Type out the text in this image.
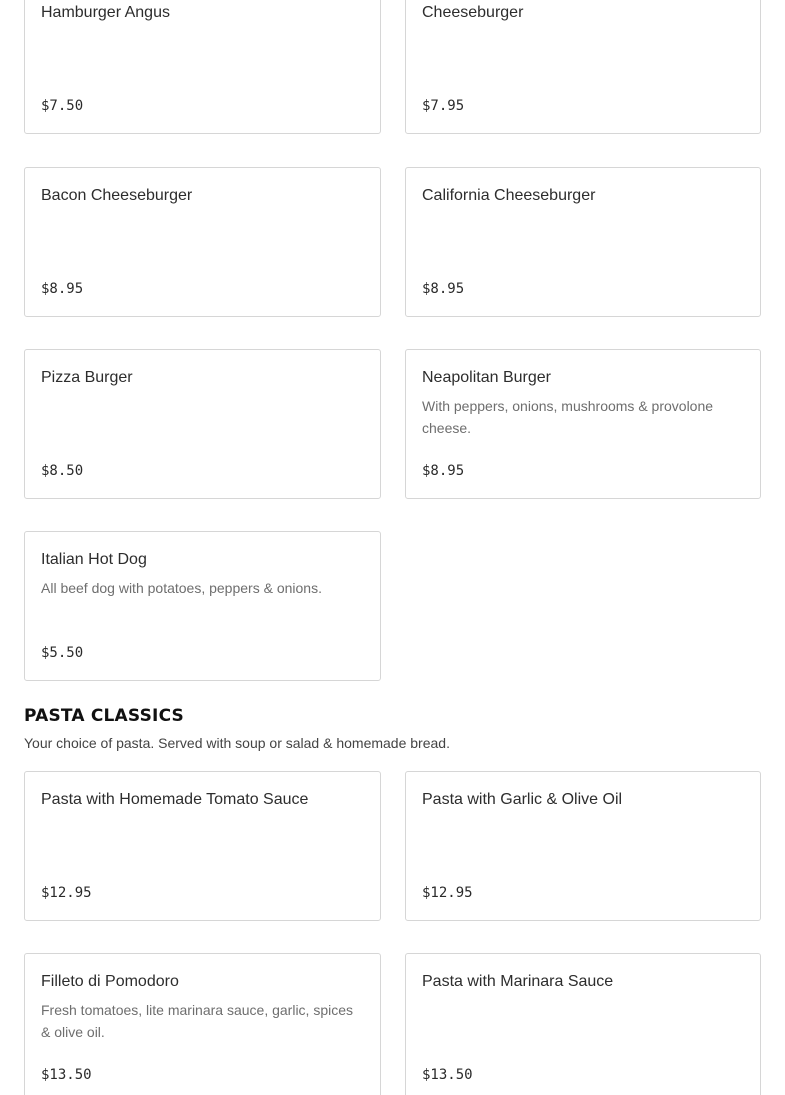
Hamburger Angus
$7.50
Cheeseburger
$7.95
Bacon Cheeseburger
$8.95
California Cheeseburger
$8.95
Pizza Burger
$8.50
Neapolitan Burger
With peppers, onions, mushrooms & provolone cheese.
$8.95
Italian Hot Dog
All beef dog with potatoes, peppers & onions.
$5.50
PASTA CLASSICS
Your choice of pasta. Served with soup or salad & homemade bread.
Pasta with Homemade Tomato Sauce
$12.95
Pasta with Garlic & Olive Oil
$12.95
Filleto di Pomodoro
Fresh tomatoes, lite marinara sauce, garlic, spices & olive oil.
$13.50
Pasta with Marinara Sauce
$13.50
